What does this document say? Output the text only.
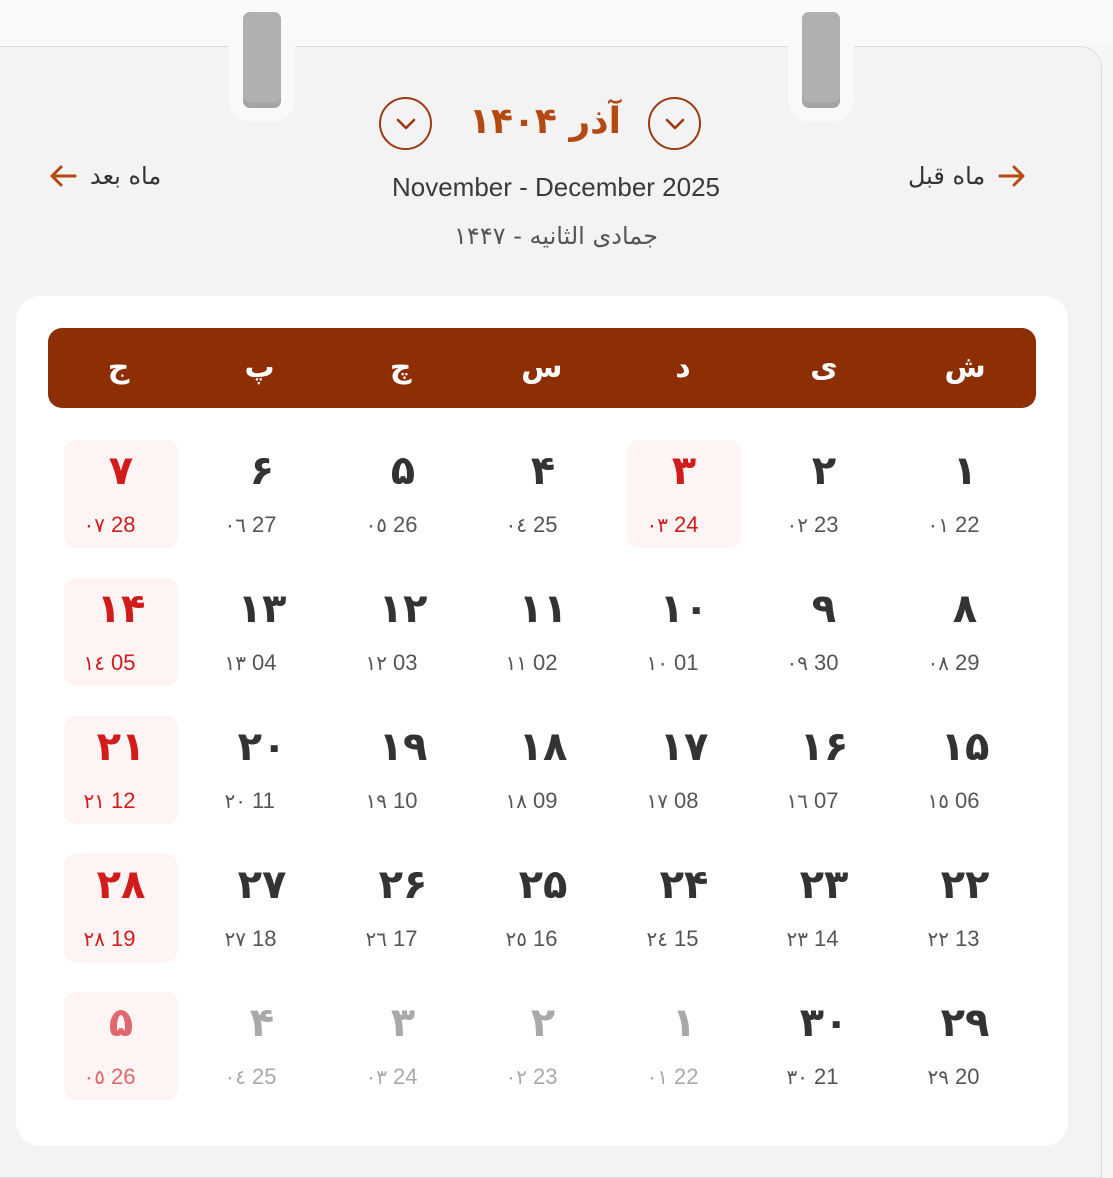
آذر ۱۴۰۴
November - December 2025
جمادی الثانیه - ۱۴۴۷
ماه بعد	ماه قبل
ش
ی
د
س
چ
پ
ج
۱
22
۰۱
۲
23
۰۲
۳
24
۰۳
۴
25
۰٤
۵
26
۰٥
۶
27
۰٦
۷
28
۰۷
۸
29
۰۸
۹
30
۰۹
۱۰
01
۱۰
۱۱
02
۱۱
۱۲
03
۱۲
۱۳
04
۱۳
۱۴
05
۱٤
۱۵
06
۱٥
۱۶
07
۱٦
۱۷
08
۱۷
۱۸
09
۱۸
۱۹
10
۱۹
۲۰
11
۲۰
۲۱
12
۲۱
۲۲
13
۲۲
۲۳
14
۲۳
۲۴
15
۲٤
۲۵
16
۲٥
۲۶
17
۲٦
۲۷
18
۲۷
۲۸
19
۲۸
۲۹
20
۲۹
۳۰
21
۳۰
۱
22
۰۱
۲
23
۰۲
۳
24
۰۳
۴
25
۰٤
۵
26
۰٥
